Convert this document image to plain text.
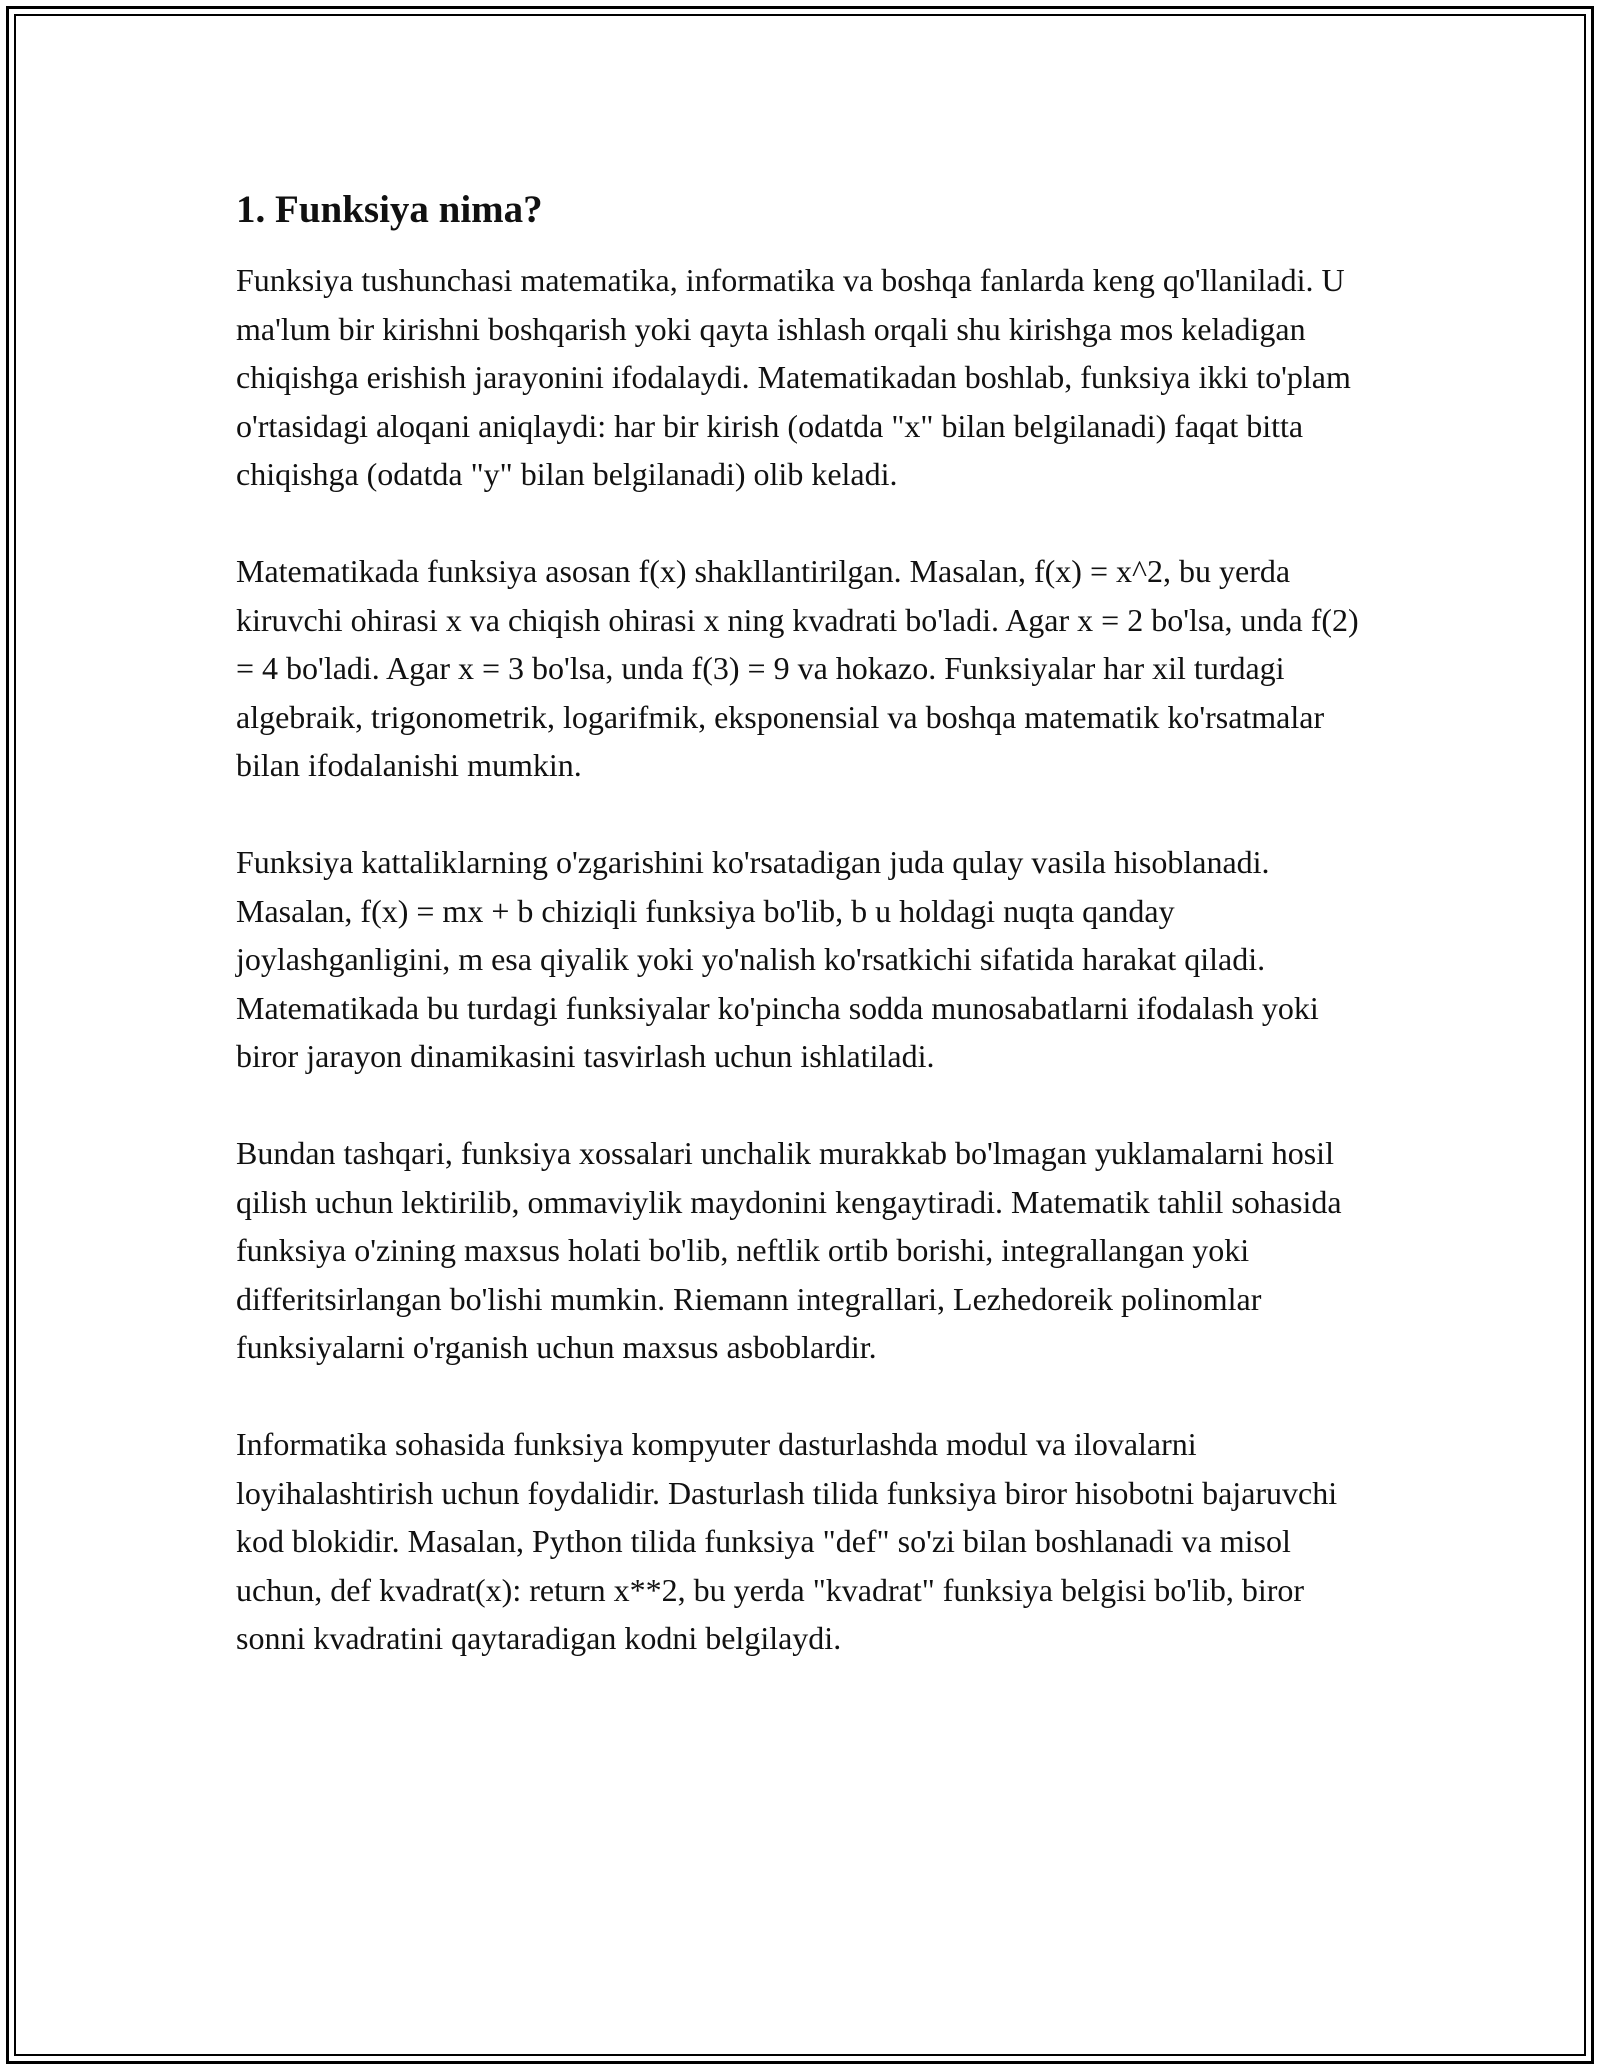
1. Funksiya nima?

Funksiya tushunchasi matematika, informatika va boshqa fanlarda keng qo'llaniladi. U ma'lum bir kirishni boshqarish yoki qayta ishlash orqali shu kirishga mos keladigan chiqishga erishish jarayonini ifodalaydi. Matematikadan boshlab, funksiya ikki to'plam o'rtasidagi aloqani aniqlaydi: har bir kirish (odatda "x" bilan belgilanadi) faqat bitta chiqishga (odatda "y" bilan belgilanadi) olib keladi.

Matematikada funksiya asosan f(x) shakllantirilgan. Masalan, f(x) = x^2, bu yerda kiruvchi ohirasi x va chiqish ohirasi x ning kvadrati bo'ladi. Agar x = 2 bo'lsa, unda f(2) = 4 bo'ladi. Agar x = 3 bo'lsa, unda f(3) = 9 va hokazo. Funksiyalar har xil turdagi algebraik, trigonometrik, logarifmik, eksponensial va boshqa matematik ko'rsatmalar bilan ifodalanishi mumkin.

Funksiya kattaliklarning o'zgarishini ko'rsatadigan juda qulay vasila hisoblanadi. Masalan, f(x) = mx + b chiziqli funksiya bo'lib, b u holdagi nuqta qanday joylashganligini, m esa qiyalik yoki yo'nalish ko'rsatkichi sifatida harakat qiladi. Matematikada bu turdagi funksiyalar ko'pincha sodda munosabatlarni ifodalash yoki biror jarayon dinamikasini tasvirlash uchun ishlatiladi.

Bundan tashqari, funksiya xossalari unchalik murakkab bo'lmagan yuklamalarni hosil qilish uchun lektirilib, ommaviylik maydonini kengaytiradi. Matematik tahlil sohasida funksiya o'zining maxsus holati bo'lib, neftlik ortib borishi, integrallangan yoki differitsirlangan bo'lishi mumkin. Riemann integrallari, Lezhedoreik polinomlar funksiyalarni o'rganish uchun maxsus asboblardir.

Informatika sohasida funksiya kompyuter dasturlashda modul va ilovalarni loyihalashtirish uchun foydalidir. Dasturlash tilida funksiya biror hisobotni bajaruvchi kod blokidir. Masalan, Python tilida funksiya "def" so'zi bilan boshlanadi va misol uchun, def kvadrat(x): return x**2, bu yerda "kvadrat" funksiya belgisi bo'lib, biror sonni kvadratini qaytaradigan kodni belgilaydi.
